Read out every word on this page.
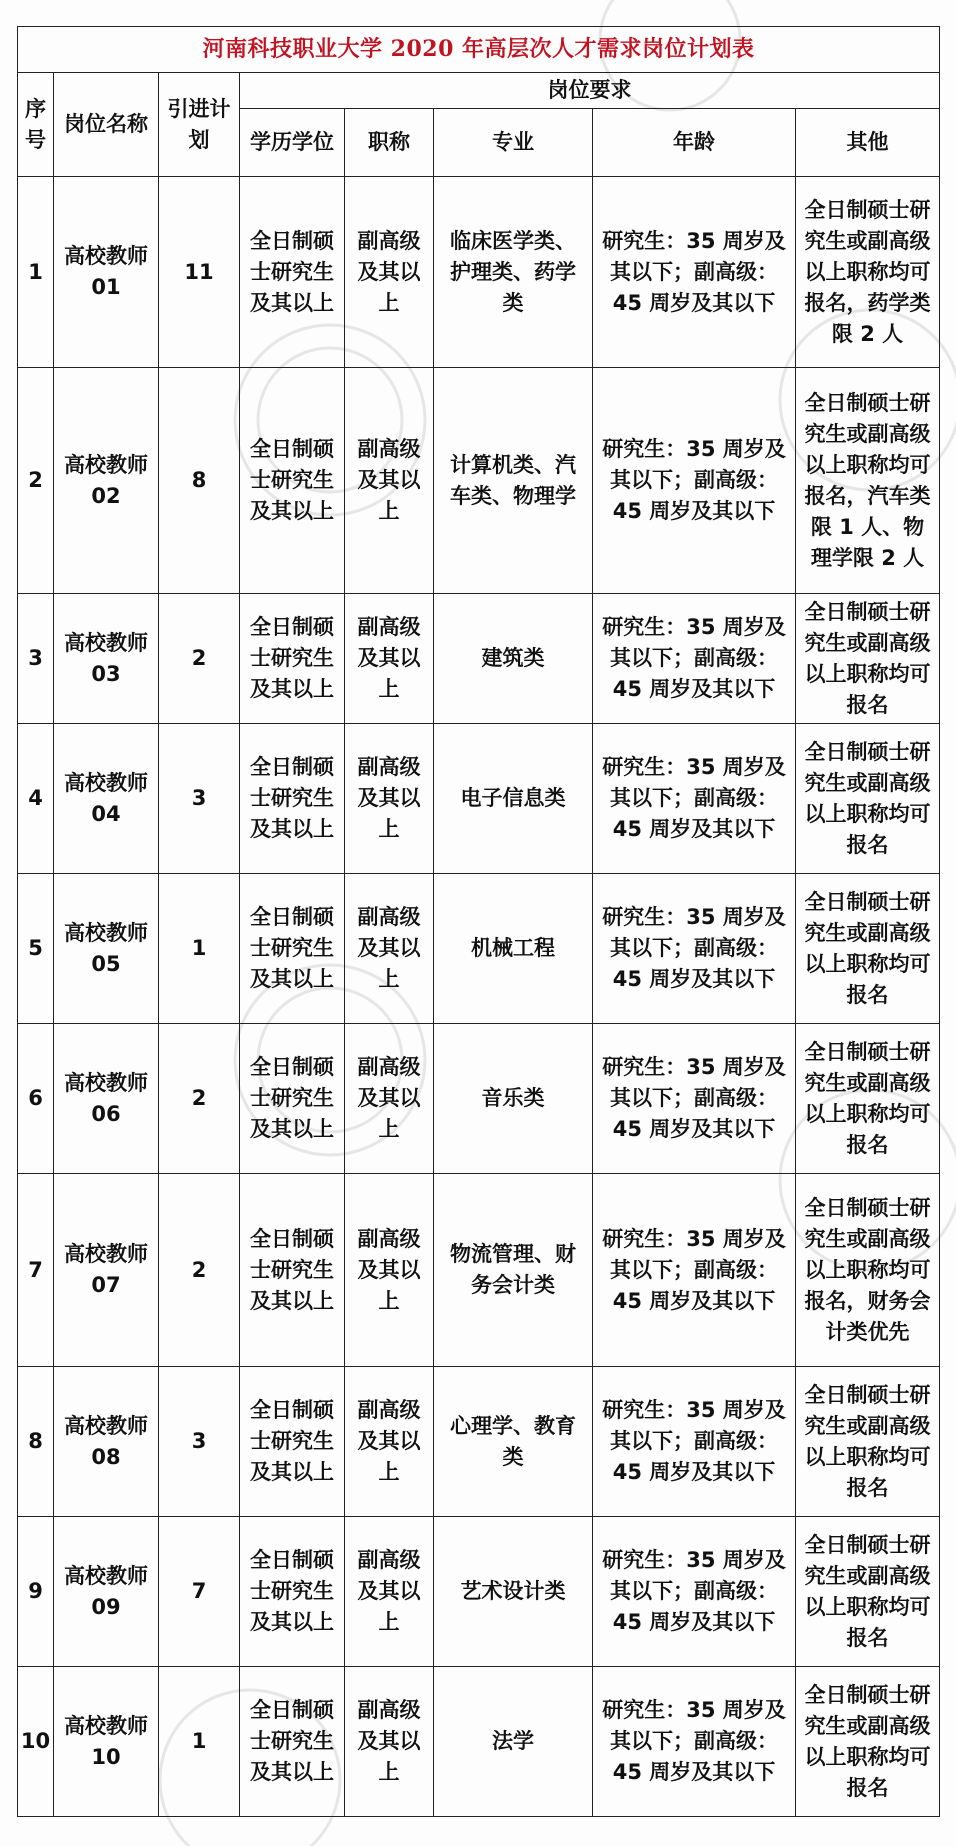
河南科技职业大学 2020 年高层次人才需求岗位计划表							
序号	岗位名称	引进计划	岗位要求				
			学历学位	职称	专业	年龄	其他
1	高校教师01	11	全日制硕士研究生及其以上	副高级及其以上	临床医学类、护理类、药学类	研究生：35 周岁及其以下；副高级：45 周岁及其以下	全日制硕士研究生或副高级以上职称均可报名，药学类限 2 人
2	高校教师02	8	全日制硕士研究生及其以上	副高级及其以上	计算机类、汽车类、物理学	研究生：35 周岁及其以下；副高级：45 周岁及其以下	全日制硕士研究生或副高级以上职称均可报名，汽车类限 1 人、物理学限 2 人
3	高校教师03	2	全日制硕士研究生及其以上	副高级及其以上	建筑类	研究生：35 周岁及其以下；副高级：45 周岁及其以下	全日制硕士研究生或副高级以上职称均可报名
4	高校教师04	3	全日制硕士研究生及其以上	副高级及其以上	电子信息类	研究生：35 周岁及其以下；副高级：45 周岁及其以下	全日制硕士研究生或副高级以上职称均可报名
5	高校教师05	1	全日制硕士研究生及其以上	副高级及其以上	机械工程	研究生：35 周岁及其以下；副高级：45 周岁及其以下	全日制硕士研究生或副高级以上职称均可报名
6	高校教师06	2	全日制硕士研究生及其以上	副高级及其以上	音乐类	研究生：35 周岁及其以下；副高级：45 周岁及其以下	全日制硕士研究生或副高级以上职称均可报名
7	高校教师07	2	全日制硕士研究生及其以上	副高级及其以上	物流管理、财务会计类	研究生：35 周岁及其以下；副高级：45 周岁及其以下	全日制硕士研究生或副高级以上职称均可报名，财务会计类优先
8	高校教师08	3	全日制硕士研究生及其以上	副高级及其以上	心理学、教育类	研究生：35 周岁及其以下；副高级：45 周岁及其以下	全日制硕士研究生或副高级以上职称均可报名
9	高校教师09	7	全日制硕士研究生及其以上	副高级及其以上	艺术设计类	研究生：35 周岁及其以下；副高级：45 周岁及其以下	全日制硕士研究生或副高级以上职称均可报名
10	高校教师10	1	全日制硕士研究生及其以上	副高级及其以上	法学	研究生：35 周岁及其以下；副高级：45 周岁及其以下	全日制硕士研究生或副高级以上职称均可报名
